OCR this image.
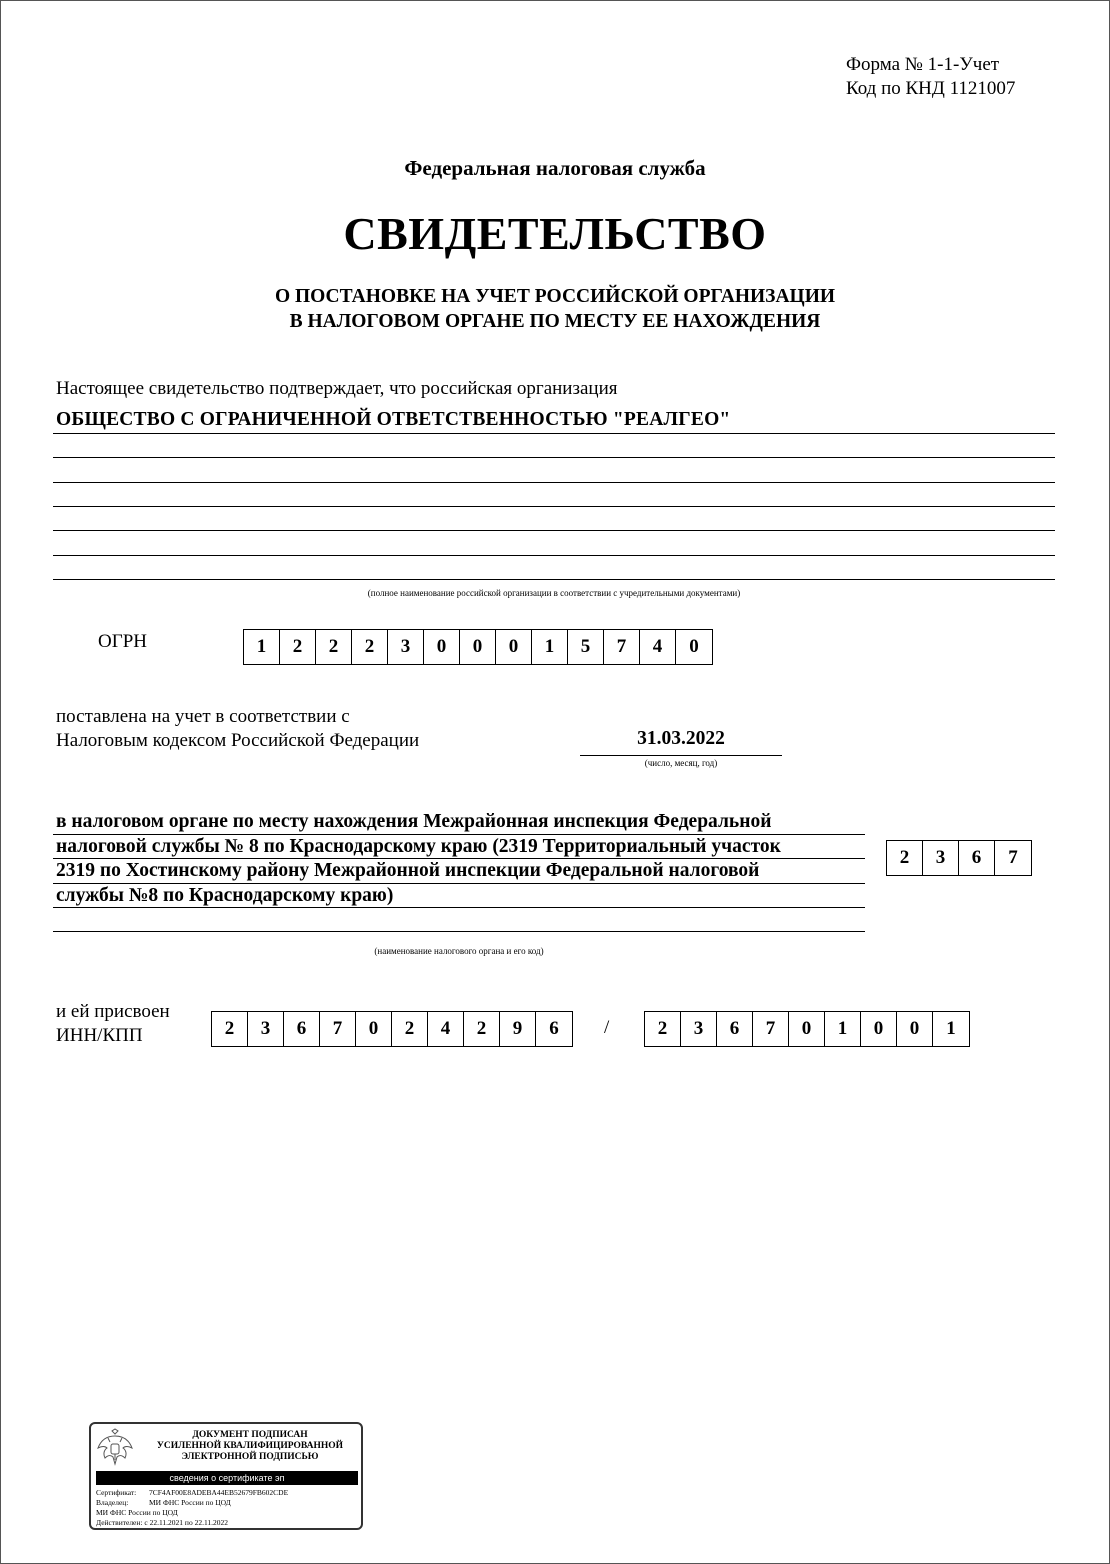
Форма № 1-1-Учет
Код по КНД 1121007
Федеральная налоговая служба
СВИДЕТЕЛЬСТВО
О ПОСТАНОВКЕ НА УЧЕТ РОССИЙСКОЙ ОРГАНИЗАЦИИ
В НАЛОГОВОМ ОРГАНЕ ПО МЕСТУ ЕЕ НАХОЖДЕНИЯ
Настоящее свидетельство подтверждает, что российская организация
ОБЩЕСТВО С ОГРАНИЧЕННОЙ ОТВЕТСТВЕННОСТЬЮ "РЕАЛГЕО"
(полное наименование российской организации в соответствии с учредительными документами)
ОГРН	1	2	2	2	3	0	0	0	1	5	7	4	0
поставлена на учет в соответствии с
Налоговым кодексом Российской Федерации	31.03.2022
(число, месяц, год)
в налоговом органе по месту нахождения Межрайонная инспекция Федеральной
налоговой службы № 8 по Краснодарскому краю (2319 Территориальный участок
2319 по Хостинскому району Межрайонной инспекции Федеральной налоговой
службы №8 по Краснодарскому краю)
(наименование налогового органа и его код)
2	3	6	7
и ей присвоен
ИНН/КПП	2	3	6	7	0	2	4	2	9	6	/	2	3	6	7	0	1	0	0	1
ДОКУМЕНТ ПОДПИСАН
УСИЛЕННОЙ КВАЛИФИЦИРОВАННОЙ
ЭЛЕКТРОННОЙ ПОДПИСЬЮ
сведения о сертификате эп
Сертификат:	7CF4AF00E8ADEBA44EB52679FB602CDE
Владелец:	МИ ФНС России по ЦОД
МИ ФНС России по ЦОД
Действителен:
с 22.11.2021 по 22.11.2022
